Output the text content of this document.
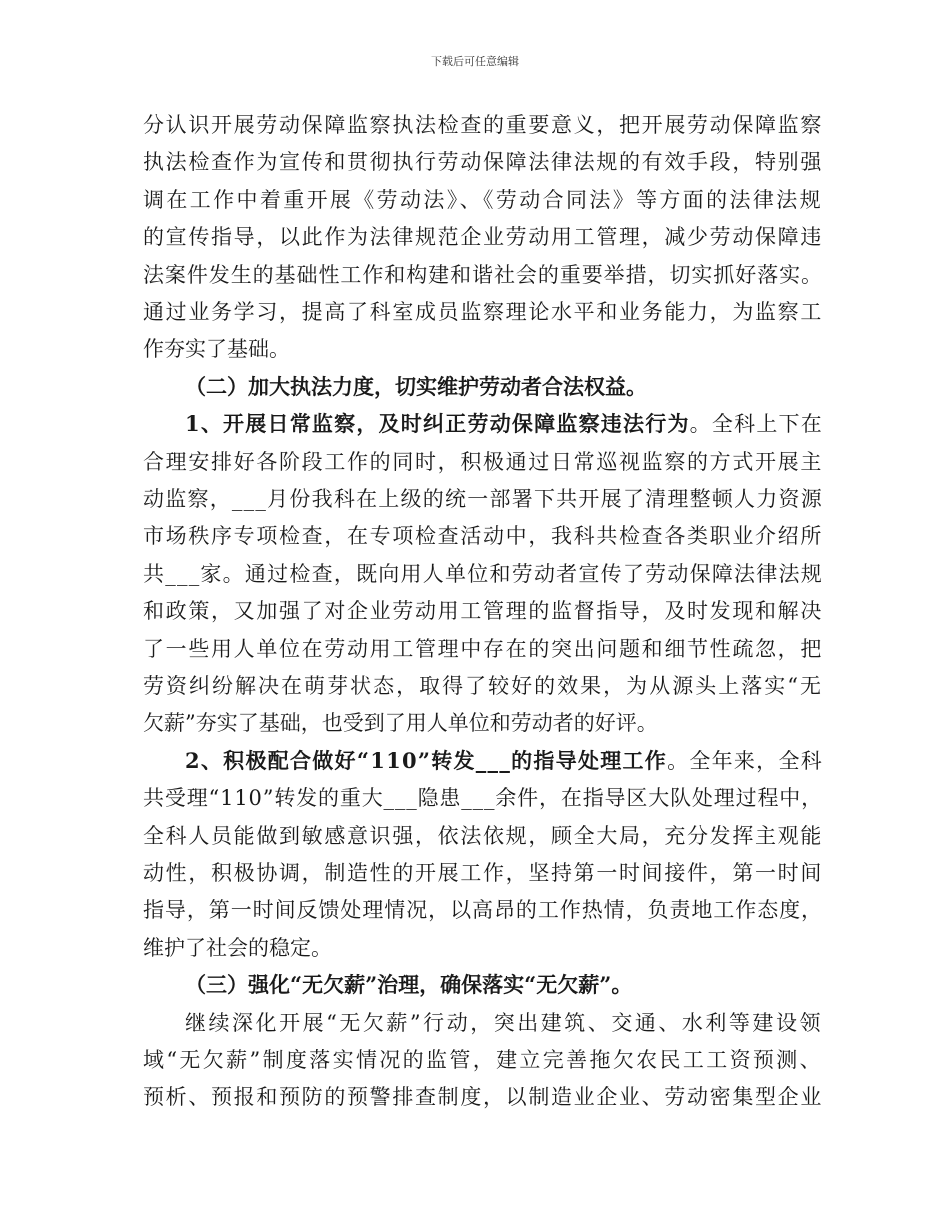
下载后可任意编辑
分认识开展劳动保障监察执法检查的重要意义，把开展劳动保障监察
执法检查作为宣传和贯彻执行劳动保障法律法规的有效手段，特别强
调在工作中着重开展《劳动法》、《劳动合同法》等方面的法律法规
的宣传指导，以此作为法律规范企业劳动用工管理，减少劳动保障违
法案件发生的基础性工作和构建和谐社会的重要举措，切实抓好落实。
通过业务学习，提高了科室成员监察理论水平和业务能力，为监察工
作夯实了基础。
（二）加大执法力度，切实维护劳动者合法权益。
1、开展日常监察，及时纠正劳动保障监察违法行为。全科上下在
合理安排好各阶段工作的同时，积极通过日常巡视监察的方式开展主
动监察，___月份我科在上级的统一部署下共开展了清理整顿人力资源
市场秩序专项检查，在专项检查活动中，我科共检查各类职业介绍所
共___家。通过检查，既向用人单位和劳动者宣传了劳动保障法律法规
和政策，又加强了对企业劳动用工管理的监督指导，及时发现和解决
了一些用人单位在劳动用工管理中存在的突出问题和细节性疏忽，把
劳资纠纷解决在萌芽状态，取得了较好的效果，为从源头上落实“无
欠薪”夯实了基础，也受到了用人单位和劳动者的好评。
2、积极配合做好“110”转发___的指导处理工作。全年来，全科
共受理“110”转发的重大___隐患___余件，在指导区大队处理过程中，
全科人员能做到敏感意识强，依法依规，顾全大局，充分发挥主观能
动性，积极协调，制造性的开展工作，坚持第一时间接件，第一时间
指导，第一时间反馈处理情况，以高昂的工作热情，负责地工作态度，
维护了社会的稳定。
（三）强化“无欠薪”治理，确保落实“无欠薪”。
继续深化开展“无欠薪”行动，突出建筑、交通、水利等建设领
域“无欠薪”制度落实情况的监管，建立完善拖欠农民工工资预测、
预析、预报和预防的预警排查制度，以制造业企业、劳动密集型企业
